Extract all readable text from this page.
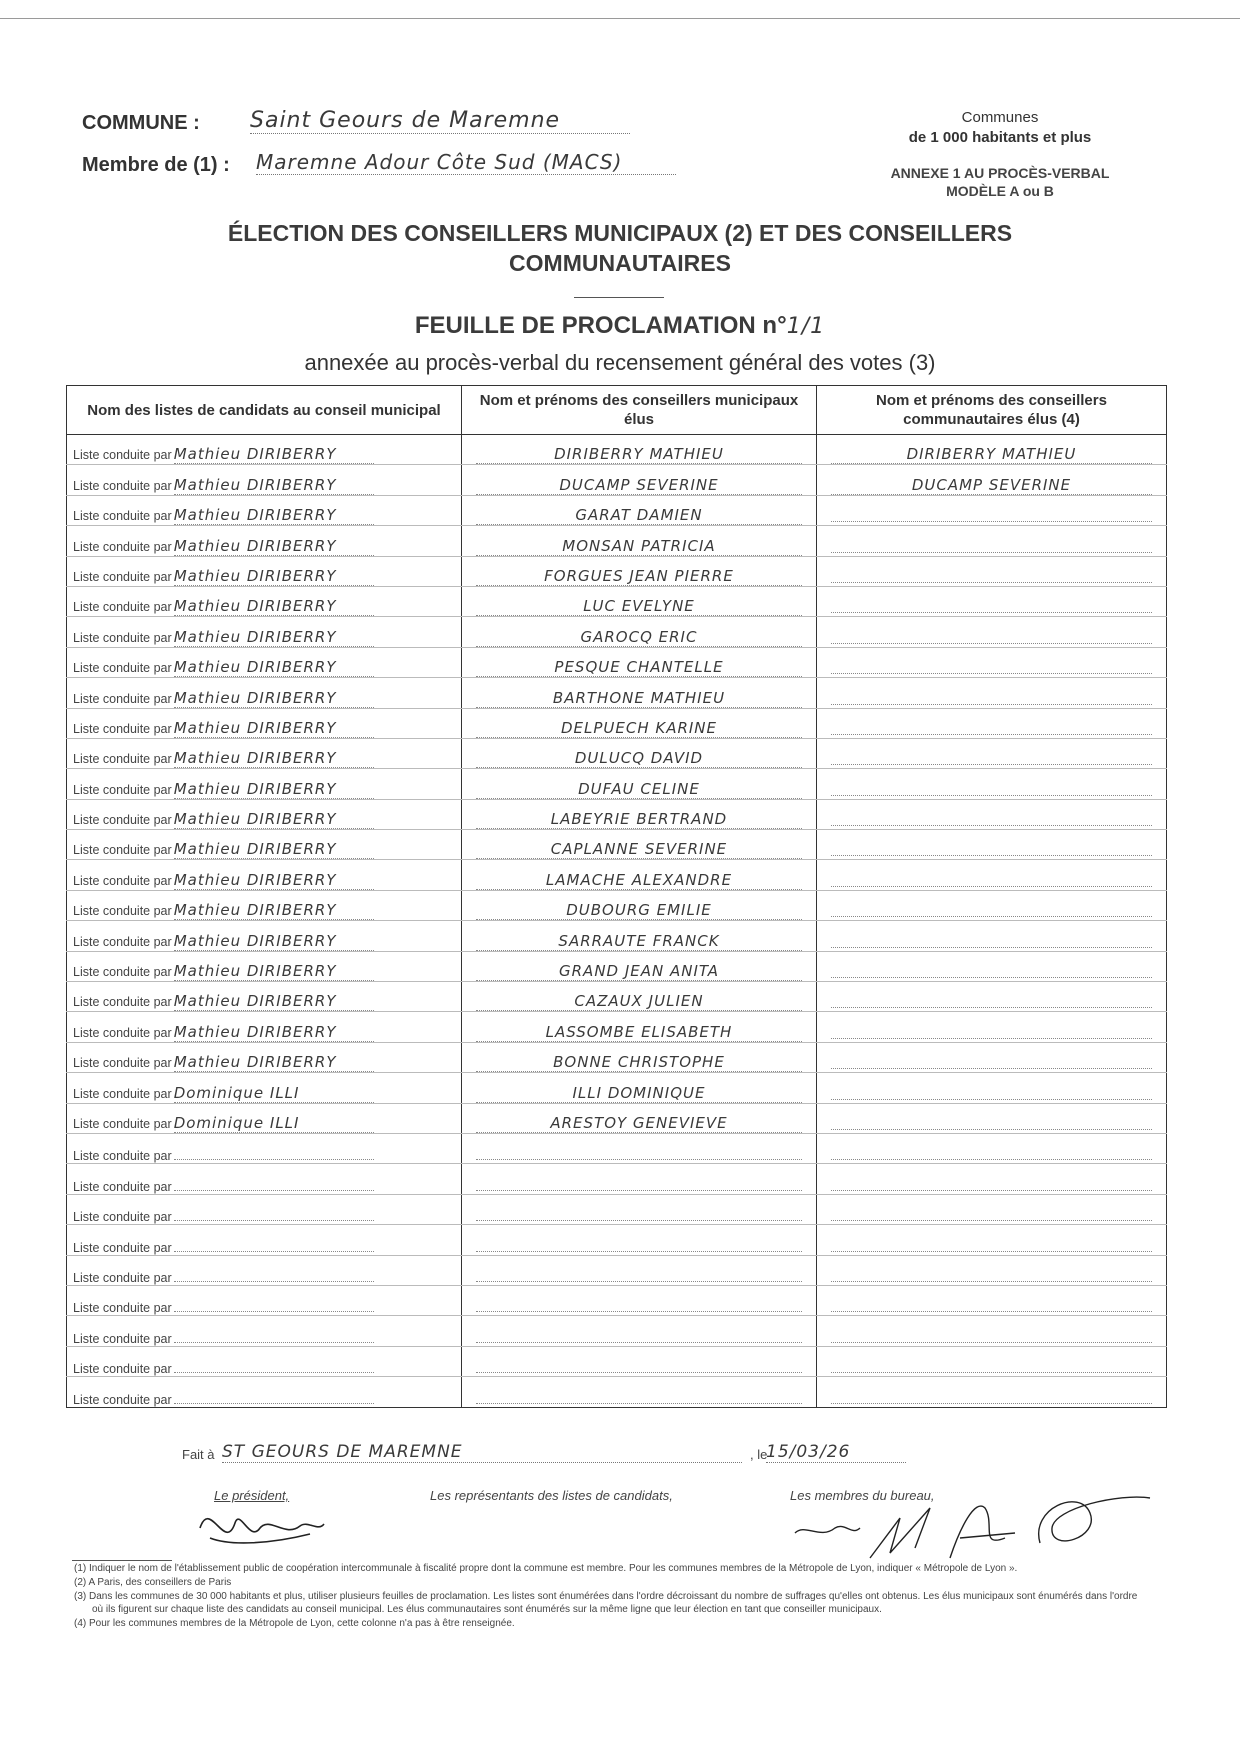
COMMUNE : Saint Geours de Maremne
Membre de (1) : Maremne Adour Côte Sud (MACS)
Communes
de 1 000 habitants et plus
ANNEXE 1 AU PROCÈS-VERBAL
MODÈLE A ou B
ÉLECTION DES CONSEILLERS MUNICIPAUX (2) ET DES CONSEILLERS
COMMUNAUTAIRES
FEUILLE DE PROCLAMATION n°1/1
annexée au procès-verbal du recensement général des votes (3)
Nom des listes de candidats au conseil municipal	Nom et prénoms des conseillers municipaux élus	Nom et prénoms des conseillers communautaires élus (4)
Liste conduite par Mathieu DIRIBERRY	DIRIBERRY MATHIEU	DIRIBERRY MATHIEU
Liste conduite par Mathieu DIRIBERRY	DUCAMP SEVERINE	DUCAMP SEVERINE
Liste conduite par Mathieu DIRIBERRY	GARAT DAMIEN	
Liste conduite par Mathieu DIRIBERRY	MONSAN PATRICIA	
Liste conduite par Mathieu DIRIBERRY	FORGUES JEAN PIERRE	
Liste conduite par Mathieu DIRIBERRY	LUC EVELYNE	
Liste conduite par Mathieu DIRIBERRY	GAROCQ ERIC	
Liste conduite par Mathieu DIRIBERRY	PESQUE CHANTELLE	
Liste conduite par Mathieu DIRIBERRY	BARTHONE MATHIEU	
Liste conduite par Mathieu DIRIBERRY	DELPUECH KARINE	
Liste conduite par Mathieu DIRIBERRY	DULUCQ DAVID	
Liste conduite par Mathieu DIRIBERRY	DUFAU CELINE	
Liste conduite par Mathieu DIRIBERRY	LABEYRIE BERTRAND	
Liste conduite par Mathieu DIRIBERRY	CAPLANNE SEVERINE	
Liste conduite par Mathieu DIRIBERRY	LAMACHE ALEXANDRE	
Liste conduite par Mathieu DIRIBERRY	DUBOURG EMILIE	
Liste conduite par Mathieu DIRIBERRY	SARRAUTE FRANCK	
Liste conduite par Mathieu DIRIBERRY	GRAND JEAN ANITA	
Liste conduite par Mathieu DIRIBERRY	CAZAUX JULIEN	
Liste conduite par Mathieu DIRIBERRY	LASSOMBE ELISABETH	
Liste conduite par Mathieu DIRIBERRY	BONNE CHRISTOPHE	
Liste conduite par Dominique ILLI	ILLI DOMINIQUE	
Liste conduite par Dominique ILLI	ARESTOY GENEVIEVE	
Liste conduite par		
Liste conduite par		
Liste conduite par		
Liste conduite par		
Liste conduite par		
Liste conduite par		
Liste conduite par		
Liste conduite par		
Liste conduite par		
Fait à ST GEOURS DE MAREMNE	, le
15/03/26
Le président,	Les représentants des listes de candidats,	Les membres du bureau,

(1) Indiquer le nom de l'établissement public de coopération intercommunale à fiscalité propre dont la commune est membre. Pour les communes membres de la Métropole de Lyon, indiquer « Métropole de Lyon ».

(2) A Paris, des conseillers de Paris

(3) Dans les communes de 30 000 habitants et plus, utiliser plusieurs feuilles de proclamation. Les listes sont énumérées dans l'ordre décroissant du nombre de suffrages qu'elles ont obtenus. Les élus municipaux sont énumérés dans l'ordre où ils figurent sur chaque liste des candidats au conseil municipal. Les élus communautaires sont énumérés sur la même ligne que leur élection en tant que conseiller municipaux.

(4) Pour les communes membres de la Métropole de Lyon, cette colonne n'a pas à être renseignée.
